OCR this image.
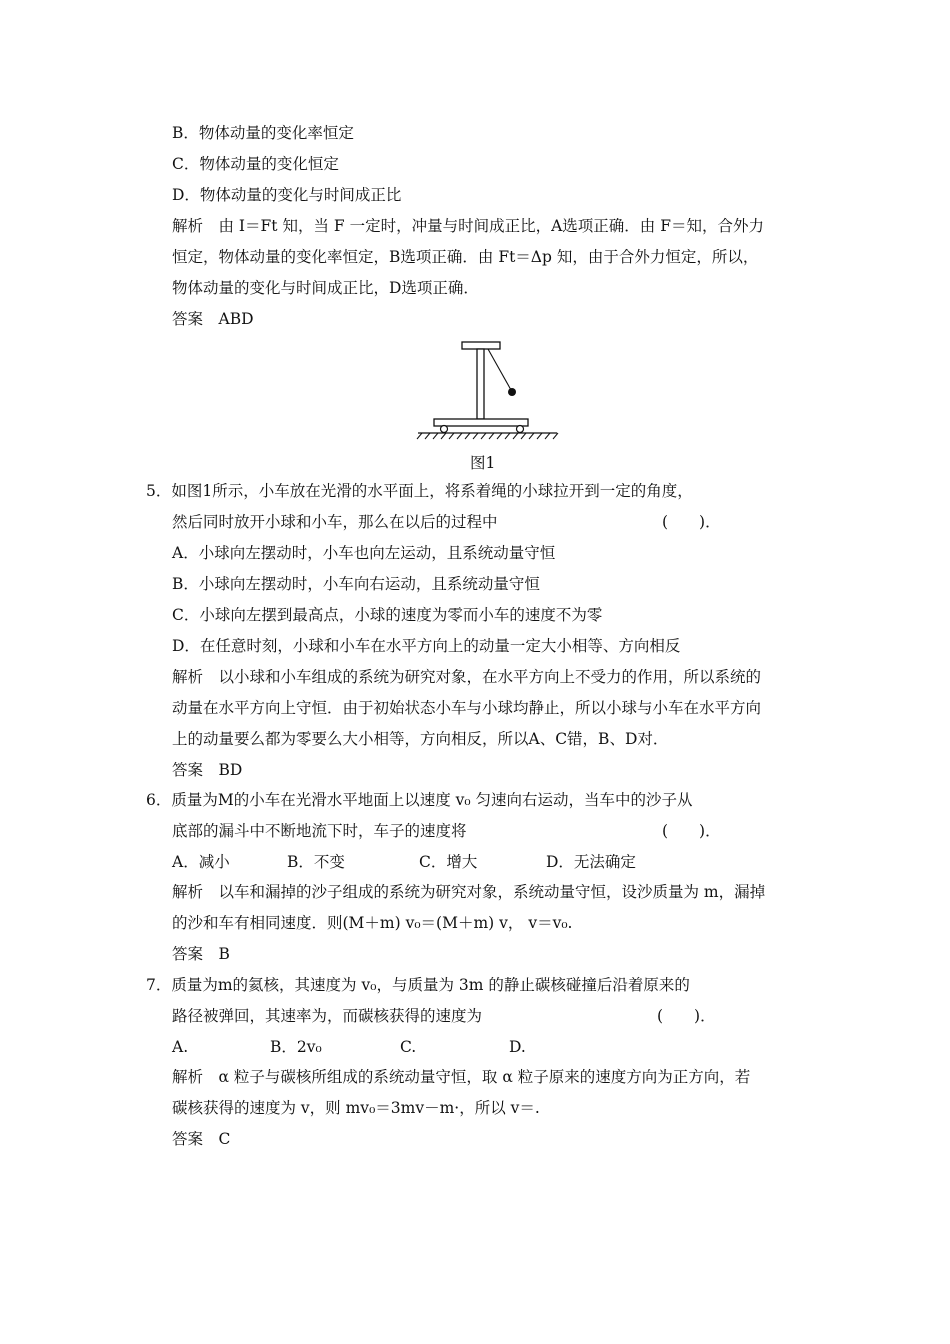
B．物体动量的变化率恒定
C．物体动量的变化恒定
D．物体动量的变化与时间成正比
解析　由 I＝Ft 知，当 F 一定时，冲量与时间成正比，A选项正确．由 F＝知，合外力
恒定，物体动量的变化率恒定，B选项正确．由 Ft＝Δp 知，由于合外力恒定，所以，
物体动量的变化与时间成正比，D选项正确．
答案　ABD
图1
5．如图1所示，小车放在光滑的水平面上，将系着绳的小球拉开到一定的角度，
然后同时放开小球和小车，那么在以后的过程中	(　　)．
A．小球向左摆动时，小车也向左运动，且系统动量守恒
B．小球向左摆动时，小车向右运动，且系统动量守恒
C．小球向左摆到最高点，小球的速度为零而小车的速度不为零
D．在任意时刻，小球和小车在水平方向上的动量一定大小相等、方向相反
解析　以小球和小车组成的系统为研究对象，在水平方向上不受力的作用，所以系统的
动量在水平方向上守恒．由于初始状态小车与小球均静止，所以小球与小车在水平方向
上的动量要么都为零要么大小相等，方向相反，所以A、C错，B、D对．
答案　BD
6．质量为M的小车在光滑水平地面上以速度 v₀ 匀速向右运动，当车中的沙子从
底部的漏斗中不断地流下时，车子的速度将	(　　)．
A．减小	B．不变	C．增大	D．无法确定
解析　以车和漏掉的沙子组成的系统为研究对象，系统动量守恒，设沙质量为 m，漏掉
的沙和车有相同速度．则(M＋m) v₀＝(M＋m) v， v＝v₀.
答案　B
7．质量为m的氦核，其速度为 v₀，与质量为 3m 的静止碳核碰撞后沿着原来的
路径被弹回，其速率为，而碳核获得的速度为	(　　)．
A.	B．2v₀	C.	D.
解析　α 粒子与碳核所组成的系统动量守恒，取 α 粒子原来的速度方向为正方向，若
碳核获得的速度为 v，则 mv₀＝3mv－m·，所以 v＝.
答案　C
